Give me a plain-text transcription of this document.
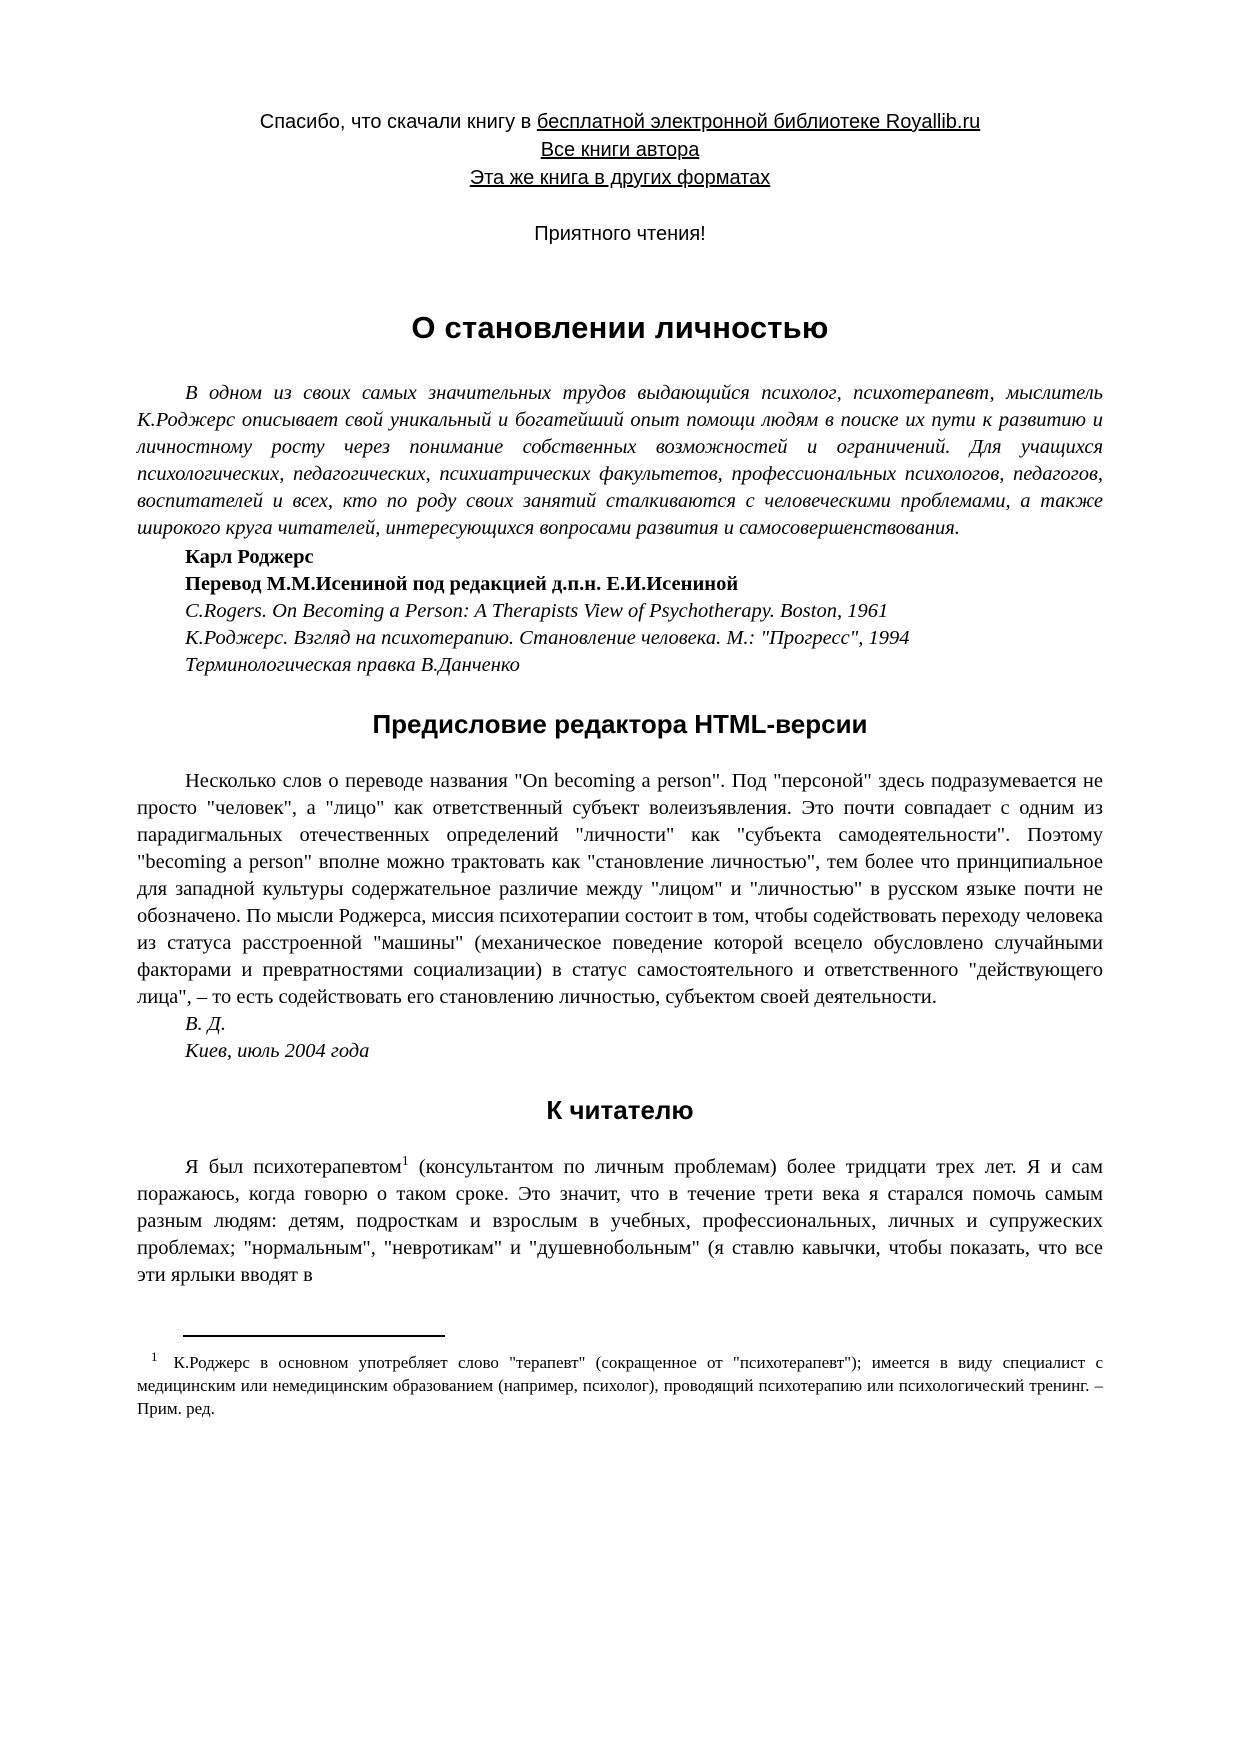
Спасибо, что скачали книгу в бесплатной электронной библиотеке Royallib.ru

Все книги автора

Эта же книга в других форматах

Приятного чтения!

О становлении личностью

В одном из своих самых значительных трудов выдающийся психолог, психотерапевт, мыслитель К.Роджерс описывает свой уникальный и богатейший опыт помощи людям в поиске их пути к развитию и личностному росту через понимание собственных возможностей и ограничений. Для учащихся психологических, педагогических, психиатрических факультетов, профессиональных психологов, педагогов, воспитателей и всех, кто по роду своих занятий сталкиваются с человеческими проблемами, а также широкого круга читателей, интересующихся вопросами развития и самосовершенствования.

Карл Роджерс

Перевод М.М.Исениной под редакцией д.п.н. Е.И.Исениной

C.Rogers. On Becoming a Person: A Therapists View of Psychotherapy. Boston, 1961

К.Роджерс. Взгляд на психотерапию. Становление человека. М.: "Прогресс", 1994

Терминологическая правка В.Данченко

Предисловие редактора HTML-версии

Несколько слов о переводе названия "On becoming a person". Под "персоной" здесь подразумевается не просто "человек", а "лицо" как ответственный субъект волеизъявления. Это почти совпадает с одним из парадигмальных отечественных определений "личности" как "субъекта самодеятельности". Поэтому "becoming a person" вполне можно трактовать как "становление личностью", тем более что принципиальное для западной культуры содержательное различие между "лицом" и "личностью" в русском языке почти не обозначено. По мысли Роджерса, миссия психотерапии состоит в том, чтобы содействовать переходу человека из статуса расстроенной "машины" (механическое поведение которой всецело обусловлено случайными факторами и превратностями социализации) в статус самостоятельного и ответственного "действующего лица", – то есть содействовать его становлению личностью, субъектом своей деятельности.

В. Д.

Киев, июль 2004 года

К читателю

Я был психотерапевтом$^1$ (консультантом по личным проблемам) более тридцати трех лет. Я и сам поражаюсь, когда говорю о таком сроке. Это значит, что в течение трети века я старался помочь самым разным людям: детям, подросткам и взрослым в учебных, профессиональных, личных и супружеских проблемах; "нормальным", "невротикам" и "душевнобольным" (я ставлю кавычки, чтобы показать, что все эти ярлыки вводят в

$^1$ К.Роджерс в основном употребляет слово "терапевт" (сокращенное от "психотерапевт"); имеется в виду специалист с медицинским или немедицинским образованием (например, психолог), проводящий психотерапию или психологический тренинг. – Прим. ред.
